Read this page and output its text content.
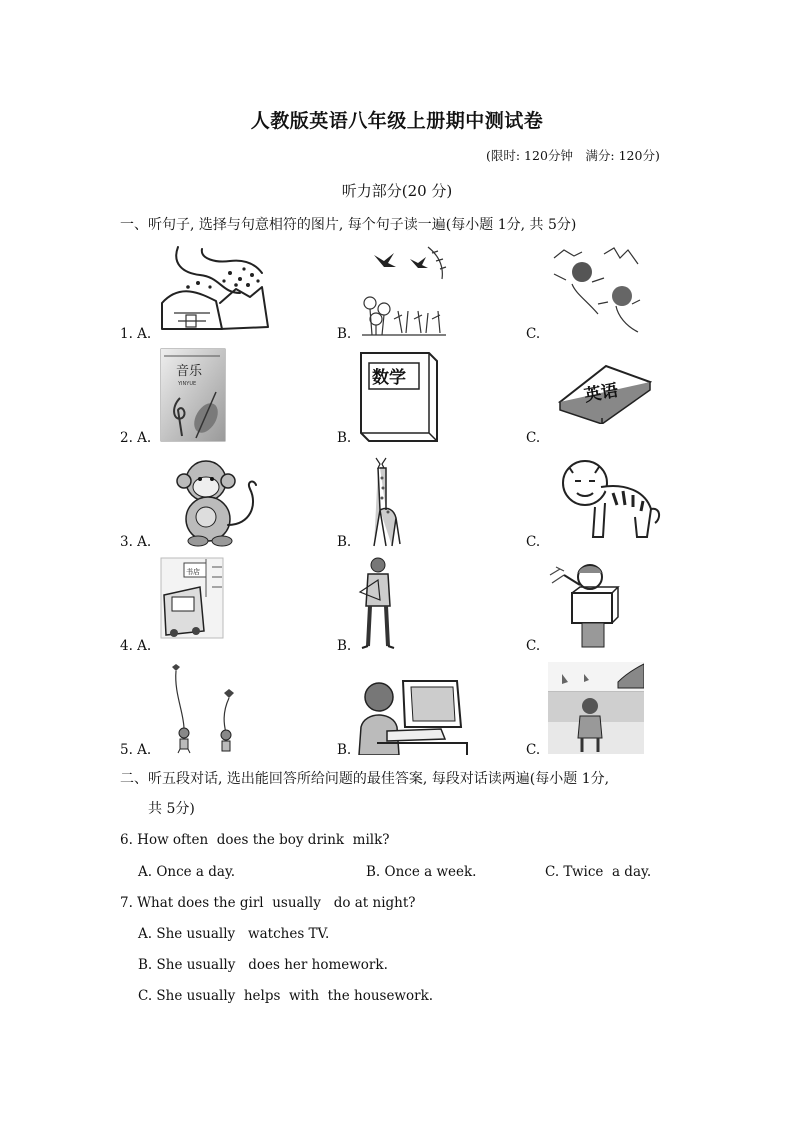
人教版英语八年级上册期中测试卷
(限时: 120分钟　满分: 120分)
听力部分(20 分)
一、听句子, 选择与句意相符的图片, 每个句子读一遍(每小题 1分, 共 5分)
1. A.	B.	C.
2. A.	B.	C.
3. A.	B.	C.
4. A.	B.	C.
5. A.	B.	C.
音乐
YINYUE	数学
英语
书店
二、听五段对话, 选出能回答所给问题的最佳答案, 每段对话读两遍(每小题 1分,
共 5分)
6. How often  does the boy drink  milk?
A. Once a day.	B. Once a week.	C. Twice  a day.
7. What does the girl  usually   do at night?
A. She usually   watches TV.
B. She usually   does her homework.
C. She usually  helps  with  the housework.
